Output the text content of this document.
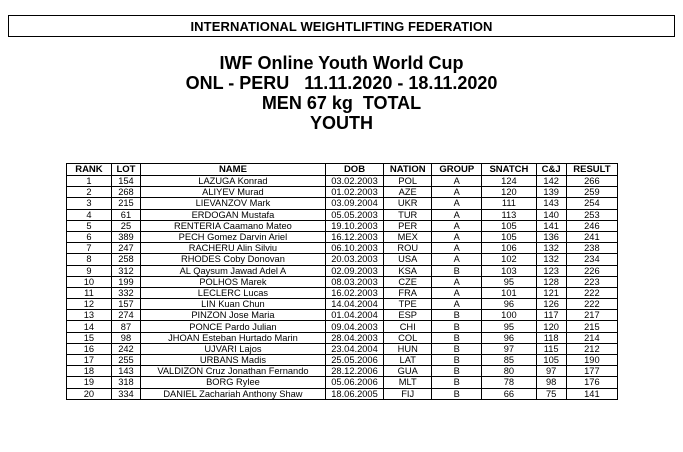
INTERNATIONAL WEIGHTLIFTING FEDERATION
IWF Online Youth World Cup
ONL - PERU   11.11.2020 - 18.11.2020
MEN 67 kg  TOTAL
YOUTH
RANK	LOT	NAME	DOB	NATION	GROUP	SNATCH	C&J	RESULT
1	154	LAZUGA Konrad	03.02.2003	POL	A	124	142	266
2	268	ALIYEV Murad	01.02.2003	AZE	A	120	139	259
3	215	LIEVANZOV Mark	03.09.2004	UKR	A	111	143	254
4	61	ERDOGAN Mustafa	05.05.2003	TUR	A	113	140	253
5	25	RENTERIA Caamano Mateo	19.10.2003	PER	A	105	141	246
6	389	PECH Gomez Darvin Ariel	16.12.2003	MEX	A	105	136	241
7	247	RACHERU Alin Silviu	06.10.2003	ROU	A	106	132	238
8	258	RHODES Coby Donovan	20.03.2003	USA	A	102	132	234
9	312	AL Qaysum Jawad Adel A	02.09.2003	KSA	B	103	123	226
10	199	POLHOS Marek	08.03.2003	CZE	A	95	128	223
11	332	LECLERC Lucas	16.02.2003	FRA	A	101	121	222
12	157	LIN Kuan Chun	14.04.2004	TPE	A	96	126	222
13	274	PINZON Jose Maria	01.04.2004	ESP	B	100	117	217
14	87	PONCE Pardo Julian	09.04.2003	CHI	B	95	120	215
15	98	JHOAN Esteban Hurtado Marin	28.04.2003	COL	B	96	118	214
16	242	UJVARI Lajos	23.04.2004	HUN	B	97	115	212
17	255	URBANS Madis	25.05.2006	LAT	B	85	105	190
18	143	VALDIZON Cruz Jonathan Fernando	28.12.2006	GUA	B	80	97	177
19	318	BORG Rylee	05.06.2006	MLT	B	78	98	176
20	334	DANIEL Zachariah Anthony Shaw	18.06.2005	FIJ	B	66	75	141
